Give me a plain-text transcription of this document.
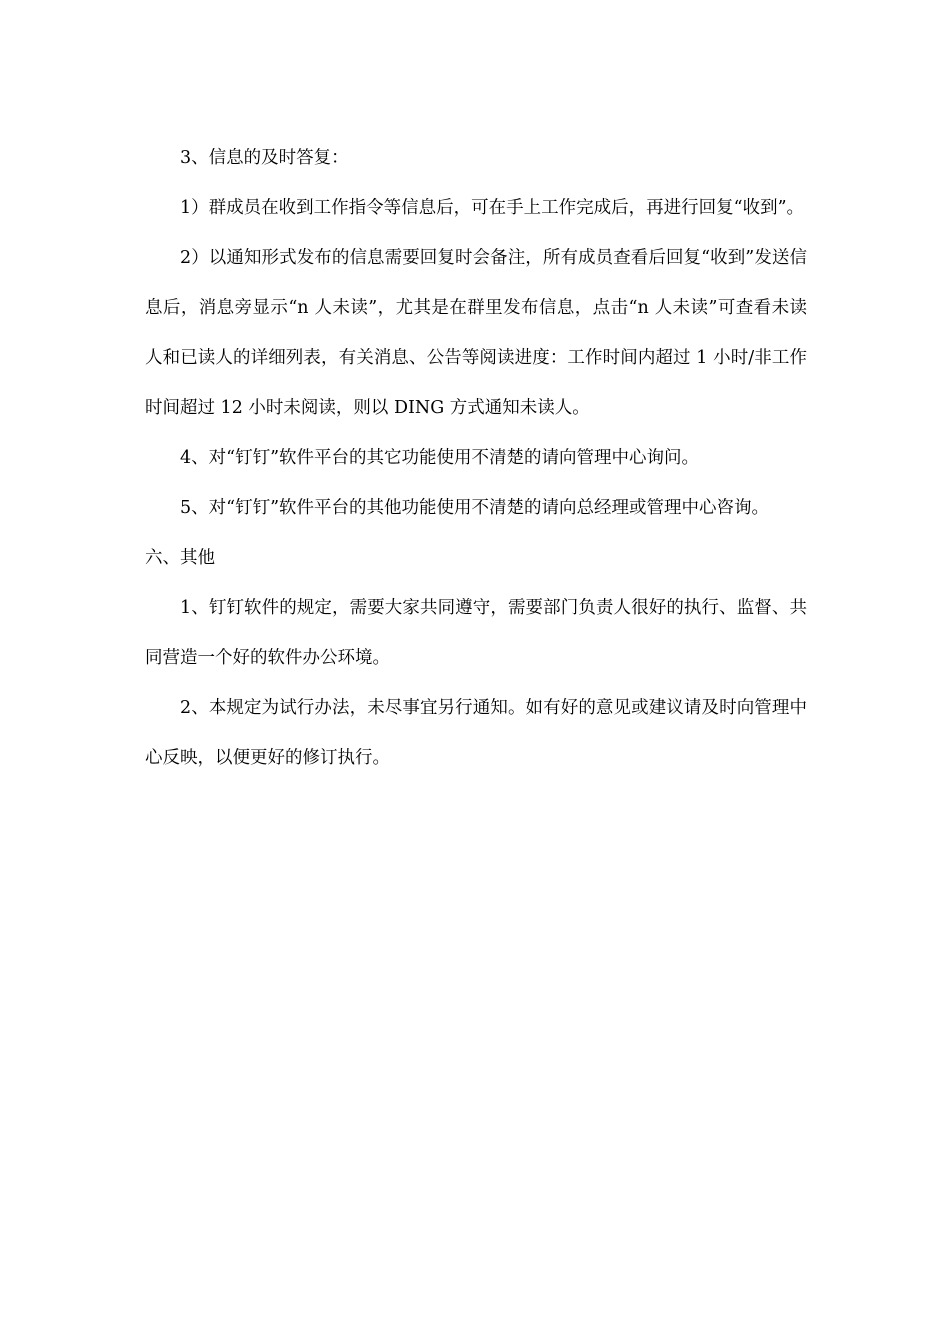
3、信息的及时答复：

1）群成员在收到工作指令等信息后，可在手上工作完成后，再进行回复“收到”。

2）以通知形式发布的信息需要回复时会备注，所有成员查看后回复“收到”发送信息后，消息旁显示“n 人未读”，尤其是在群里发布信息，点击“n 人未读”可查看未读人和已读人的详细列表，有关消息、公告等阅读进度：工作时间内超过 1 小时/非工作时间超过 12 小时未阅读，则以 DING 方式通知未读人。

4、对“钉钉”软件平台的其它功能使用不清楚的请向管理中心询问。

5、对“钉钉”软件平台的其他功能使用不清楚的请向总经理或管理中心咨询。

六、其他

1、钉钉软件的规定，需要大家共同遵守，需要部门负责人很好的执行、监督、共同营造一个好的软件办公环境。

2、本规定为试行办法，未尽事宜另行通知。如有好的意见或建议请及时向管理中心反映，以便更好的修订执行。
